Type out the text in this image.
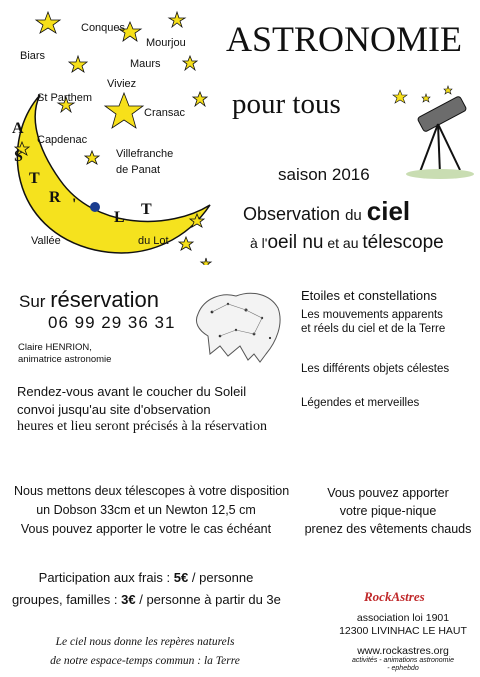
Conques
Mourjou
Biars
Maurs
Viviez
St Parthem
Cransac
Capdenac
Villefranche
de Panat
Vallée	du Lot
A
S
T
R '
L T
ASTRONOMIE
pour tous
saison 2016
Observation du ciel
à l'oeil nu et au télescope
Sur réservation
06 99 29 36 31
Claire HENRION,
animatrice astronomie
Etoiles et constellations
Les mouvements apparents
et réels du ciel et de la Terre
Les différents objets célestes
Légendes et merveilles
Rendez-vous avant le coucher du Soleil
convoi jusqu'au site d'observation
heures et lieu seront précisés à la réservation
Nous mettons deux télescopes à votre disposition
un Dobson 33cm et un Newton 12,5 cm
Vous pouvez apporter le votre le cas échéant
Vous pouvez apporter
votre pique-nique
prenez des vêtements chauds
Participation aux frais : 5€ / personne
groupes, familles : 3€ / personne à partir du 3e
Le ciel nous donne les repères naturels
de notre espace-temps commun : la Terre
RockAstres
association loi 1901
12300 LIVINHAC LE HAUT
www.rockastres.org
activités - animations astronomie
- ephebdo
